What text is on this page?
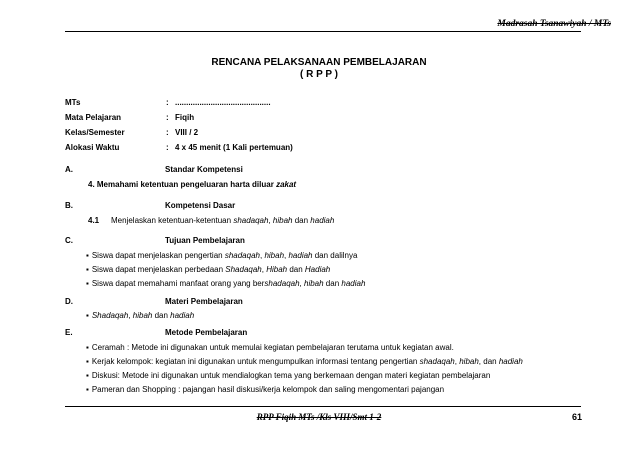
Madrasah Tsanawiyah / MTs
RENCANA PELAKSANAAN PEMBELAJARAN
( R P P )
MTs	: ...........................................
Mata Pelajaran	: Fiqih
Kelas/Semester	: VIII / 2
Alokasi Waktu	: 4 x 45 menit (1 Kali pertemuan)
A.	Standar Kompetensi
4. Memahami ketentuan pengeluaran harta diluar zakat
B.	Kompetensi Dasar
4.1 Menjelaskan ketentuan-ketentuan shadaqah, hibah dan hadiah
C.	Tujuan Pembelajaran
▪ Siswa dapat menjelaskan pengertian shadaqah, hibah, hadiah dan dalilnya
▪ Siswa dapat menjelaskan perbedaan Shadaqah, Hibah dan Hadiah
▪ Siswa dapat memahami manfaat orang yang bershadaqah, hibah dan hadiah
D.	Materi Pembelajaran
▪ Shadaqah, hibah dan hadiah
E.	Metode Pembelajaran
▪ Ceramah : Metode ini digunakan untuk memulai kegiatan pembelajaran terutama untuk kegiatan awal.
▪ Kerjak kelompok: kegiatan ini digunakan untuk mengumpulkan informasi tentang pengertian shadaqah, hibah, dan hadiah
▪ Diskusi: Metode ini digunakan untuk mendialogkan tema yang berkemaan dengan materi kegiatan pembelajaran
▪ Pameran dan Shopping : pajangan hasil diskusi/kerja kelompok dan saling mengomentari pajangan
RPP Fiqih MTs /Kls VIII/Smt 1-2	61
